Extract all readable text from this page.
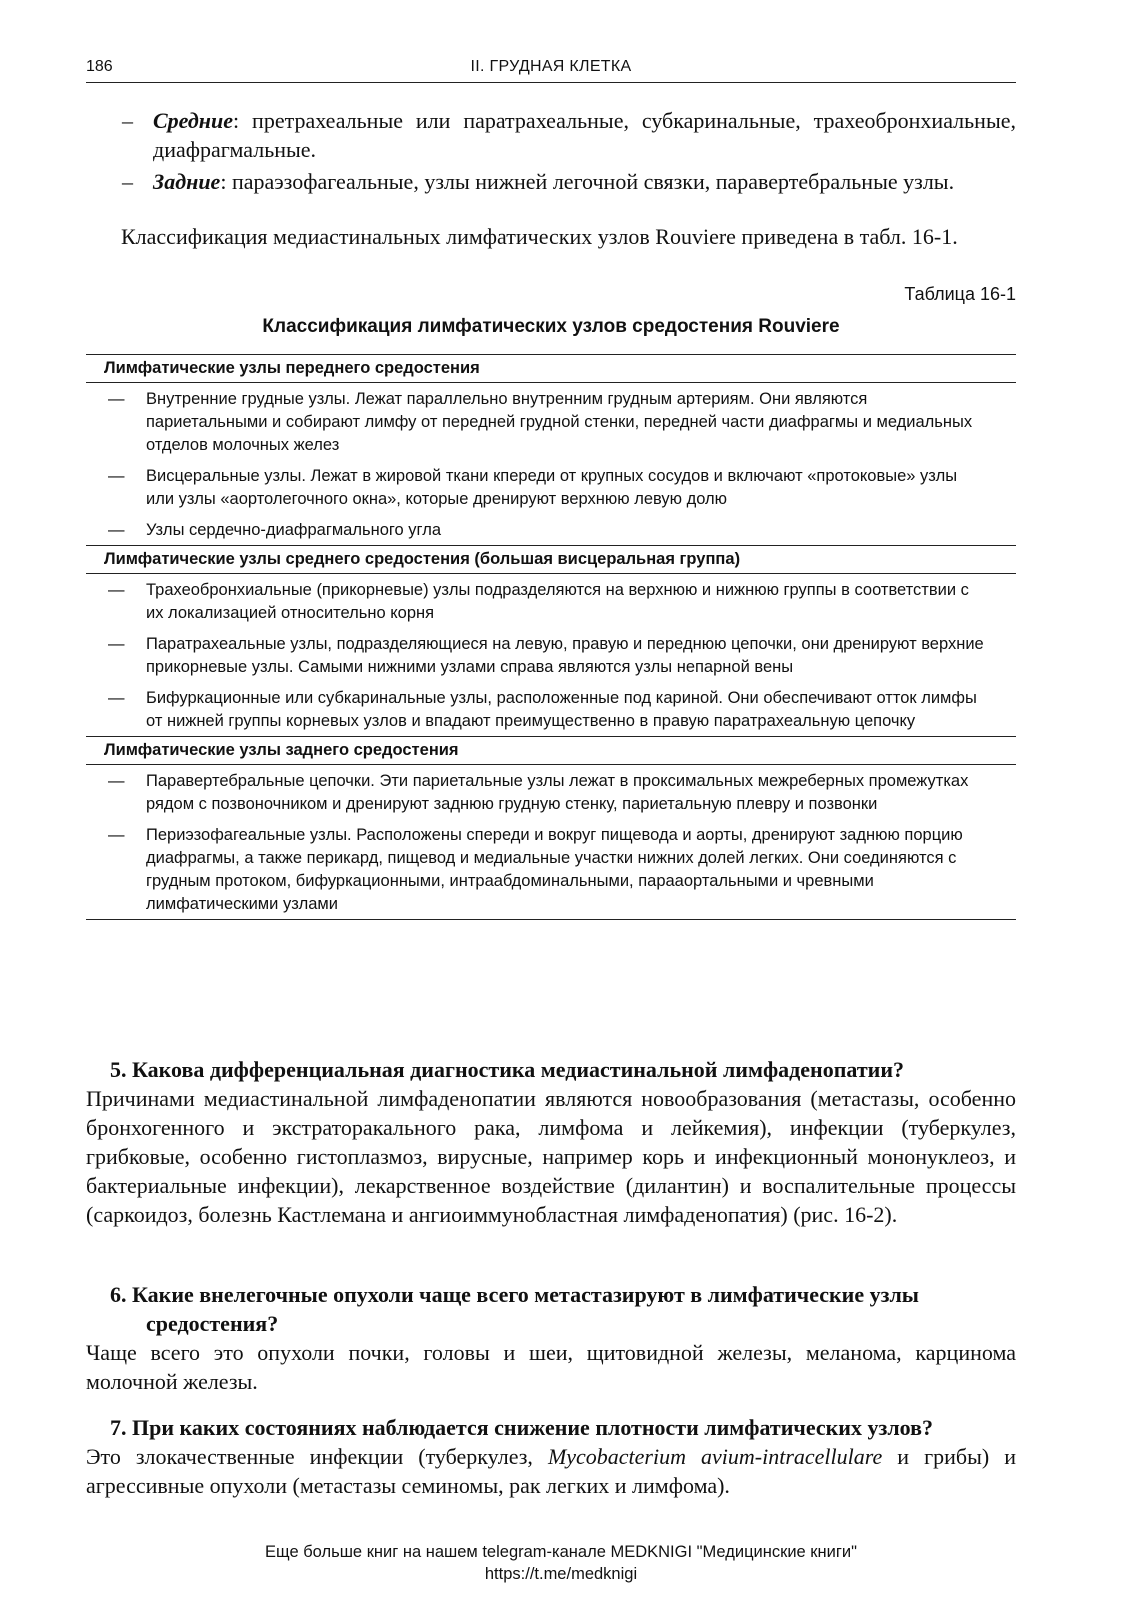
186	II. ГРУДНАЯ КЛЕТКА
– Средние: претрахеальные или паратрахеальные, субкаринальные, трахеобронхиальные, диафрагмальные.
– Задние: параэзофагеальные, узлы нижней легочной связки, паравертебральные узлы.
Классификация медиастинальных лимфатических узлов Rouviere приведена в табл. 16-1.
Таблица 16-1
Классификация лимфатических узлов средостения Rouviere
Лимфатические узлы переднего средостения
— Внутренние грудные узлы. Лежат параллельно внутренним грудным артериям. Они являются париетальными и собирают лимфу от передней грудной стенки, передней части диафрагмы и медиальных отделов молочных желез
— Висцеральные узлы. Лежат в жировой ткани кпереди от крупных сосудов и включают «протоковые» узлы или узлы «аортолегочного окна», которые дренируют верхнюю левую долю
— Узлы сердечно-диафрагмального угла
Лимфатические узлы среднего средостения (большая висцеральная группа)
— Трахеобронхиальные (прикорневые) узлы подразделяются на верхнюю и нижнюю группы в соответствии с их локализацией относительно корня
— Паратрахеальные узлы, подразделяющиеся на левую, правую и переднюю цепочки, они дренируют верхние прикорневые узлы. Самыми нижними узлами справа являются узлы непарной вены
— Бифуркационные или субкаринальные узлы, расположенные под кариной. Они обеспечивают отток лимфы от нижней группы корневых узлов и впадают преимущественно в правую паратрахеальную цепочку
Лимфатические узлы заднего средостения
— Паравертебральные цепочки. Эти париетальные узлы лежат в проксимальных межреберных промежутках рядом с позвоночником и дренируют заднюю грудную стенку, париетальную плевру и позвонки
— Периэзофагеальные узлы. Расположены спереди и вокруг пищевода и аорты, дренируют заднюю порцию диафрагмы, а также перикард, пищевод и медиальные участки нижних долей легких. Они соединяются с грудным протоком, бифуркационными, интраабдоминальными, парааортальными и чревными лимфатическими узлами
5. Какова дифференциальная диагностика медиастинальной лимфаденопатии?
Причинами медиастинальной лимфаденопатии являются новообразования (метастазы, особенно бронхогенного и экстраторакального рака, лимфома и лейкемия), инфекции (туберкулез, грибковые, особенно гистоплазмоз, вирусные, например корь и инфекционный мононуклеоз, и бактериальные инфекции), лекарственное воздействие (дилантин) и воспалительные процессы (саркоидоз, болезнь Кастлемана и ангиоиммунобластная лимфаденопатия) (рис. 16-2).
6. Какие внелегочные опухоли чаще всего метастазируют в лимфатические узлы средостения?
Чаще всего это опухоли почки, головы и шеи, щитовидной железы, меланома, карцинома молочной железы.
7. При каких состояниях наблюдается снижение плотности лимфатических узлов?
Это злокачественные инфекции (туберкулез, Mycobacterium avium-intracellulare и грибы) и агрессивные опухоли (метастазы семиномы, рак легких и лимфома).
Еще больше книг на нашем telegram-канале MEDKNIGI "Медицинские книги"
https://t.me/medknigi
